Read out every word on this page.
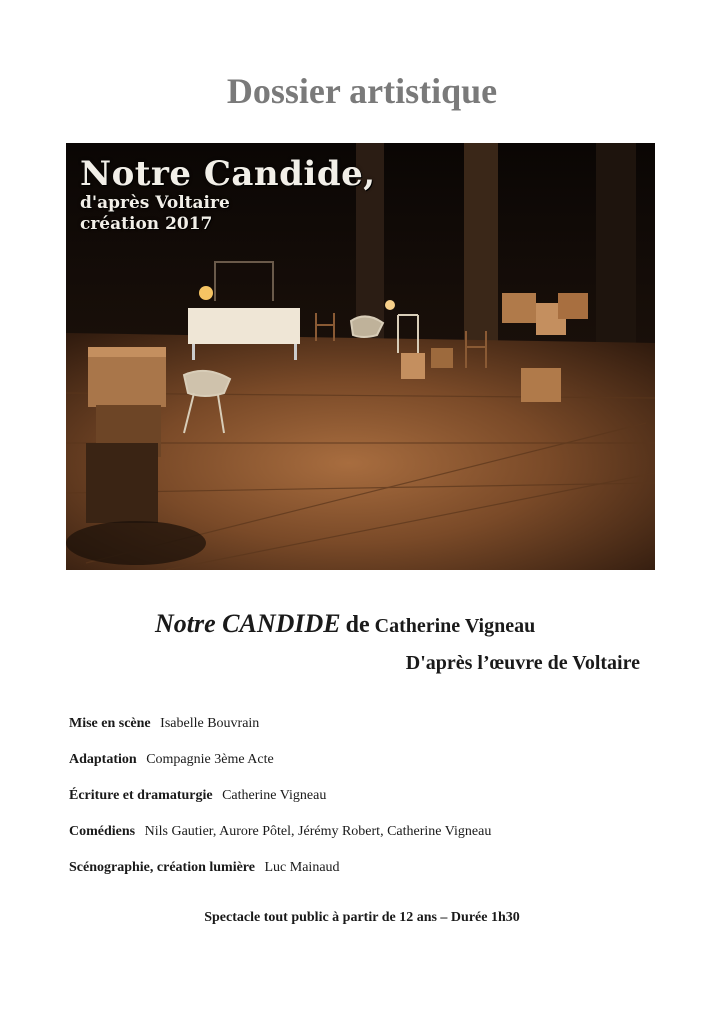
Dossier artistique
Notre Candide,
d'après Voltaire
création 2017
Notre CANDIDE de Catherine Vigneau
D'après l’œuvre de Voltaire
Mise en scène Isabelle Bouvrain
Adaptation Compagnie 3ème Acte
Écriture et dramaturgie Catherine Vigneau
Comédiens Nils Gautier, Aurore Pôtel, Jérémy Robert, Catherine Vigneau
Scénographie, création lumière Luc Mainaud
Spectacle tout public à partir de 12 ans – Durée 1h30
